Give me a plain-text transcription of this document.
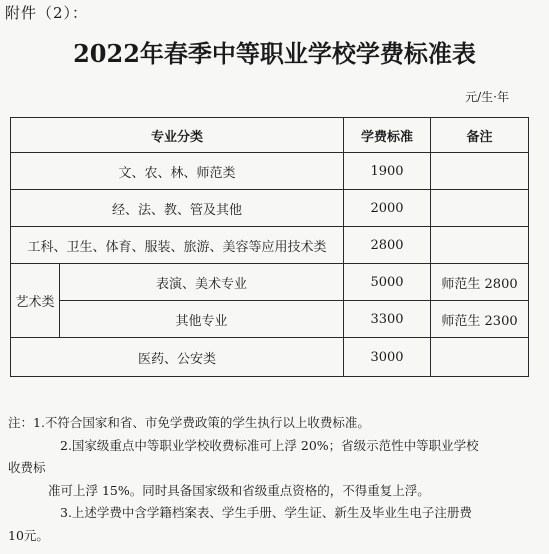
附件（2）：
2022年春季中等职业学校学费标准表
元/生·年
专业分类		学费标准	备注
文、农、林、师范类		1900	
经、法、教、管及其他		2000	
工科、卫生、体育、服装、旅游、美容等应用技术类		2800	
艺术类	表演、美术专业	5000	师范生 2800
	其他专业	3300	师范生 2300
医药、公安类		3000	

注：1.不符合国家和省、市免学费政策的学生执行以上收费标准。

2.国家级重点中等职业学校收费标准可上浮 20%；省级示范性中等职业学校

收费标

准可上浮 15%。同时具备国家级和省级重点资格的，不得重复上浮。

3.上述学费中含学籍档案表、学生手册、学生证、新生及毕业生电子注册费

10元。
